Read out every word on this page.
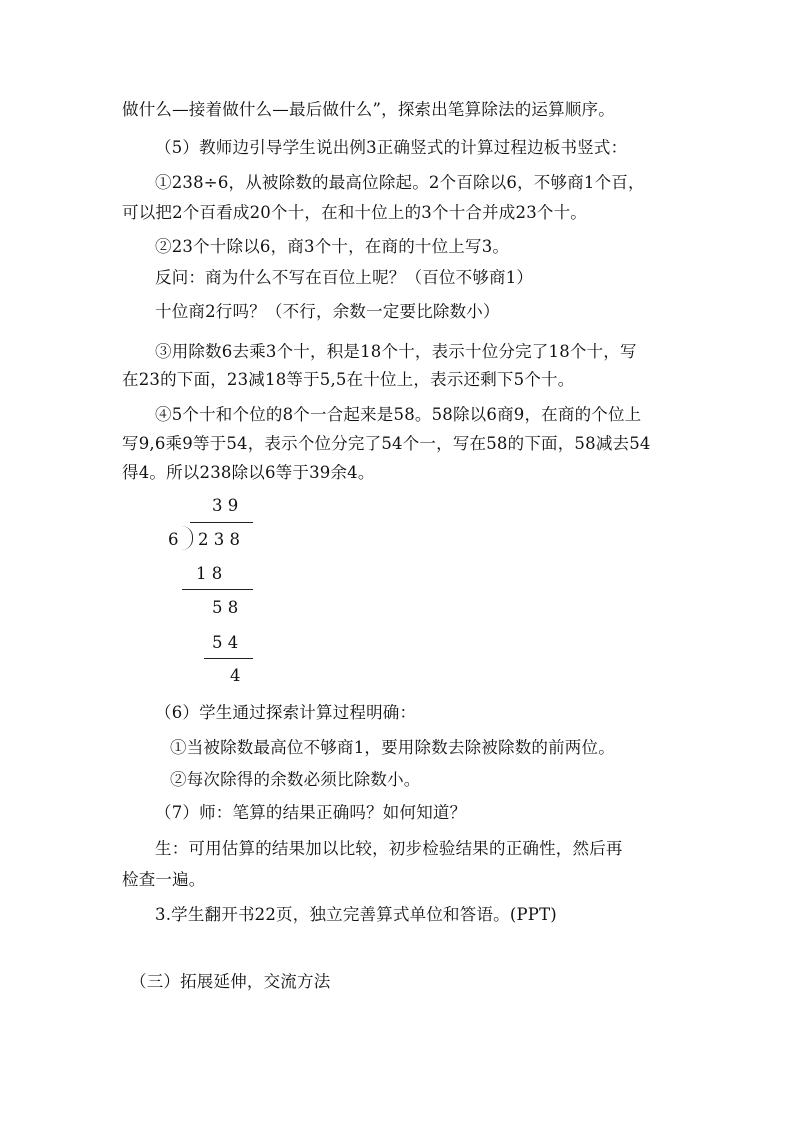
做什么—接着做什么—最后做什么”，探索出笔算除法的运算顺序。
（5）教师边引导学生说出例3正确竖式的计算过程边板书竖式：
①238÷6，从被除数的最高位除起。2个百除以6，不够商1个百，
可以把2个百看成20个十，在和十位上的3个十合并成23个十。
②23个十除以6，商3个十，在商的十位上写3。
反问：商为什么不写在百位上呢？（百位不够商1）
十位商2行吗？（不行，余数一定要比除数小）
③用除数6去乘3个十，积是18个十，表示十位分完了18个十，写
在23的下面，23减18等于5,5在十位上，表示还剩下5个十。
④5个十和个位的8个一合起来是58。58除以6商9，在商的个位上
写9,6乘9等于54，表示个位分完了54个一，写在58的下面，58减去54
得4。所以238除以6等于39余4。
3 9
6 2 3 8
1 8
5 8
5 4
4
（6）学生通过探索计算过程明确：
①当被除数最高位不够商1，要用除数去除被除数的前两位。
②每次除得的余数必须比除数小。
（7）师：笔算的结果正确吗？如何知道？
生：可用估算的结果加以比较，初步检验结果的正确性，然后再
检查一遍。
3.学生翻开书22页，独立完善算式单位和答语。(PPT)
（三）拓展延伸，交流方法
